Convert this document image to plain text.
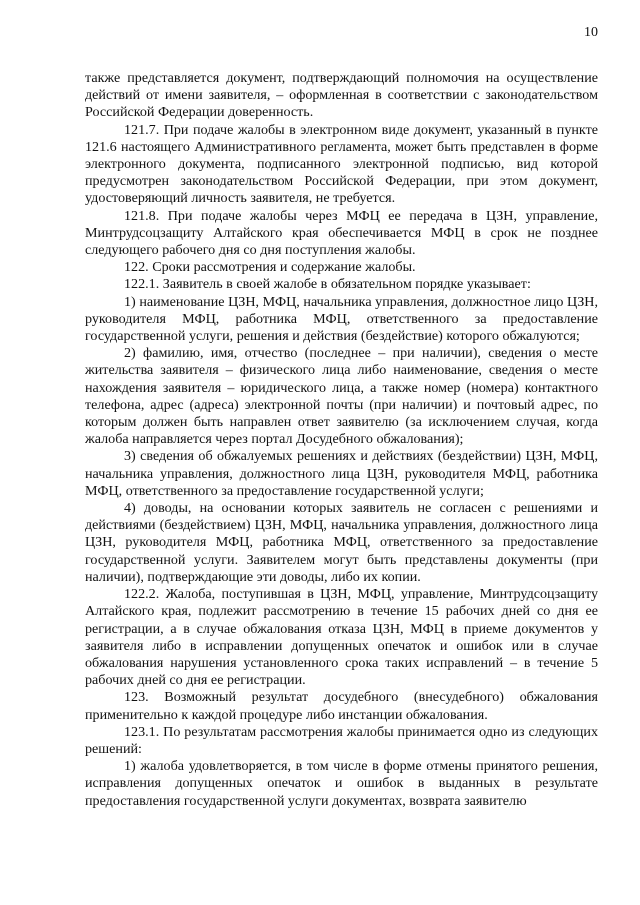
10

также представляется документ, подтверждающий полномочия на осуществление действий от имени заявителя, – оформленная в соответствии с законодательством Российской Федерации доверенность.

121.7. При подаче жалобы в электронном виде документ, указанный в пункте 121.6 настоящего Административного регламента, может быть представлен в форме электронного документа, подписанного электронной подписью, вид которой предусмотрен законодательством Российской Федерации, при этом документ, удостоверяющий личность заявителя, не требуется.

121.8. При подаче жалобы через МФЦ ее передача в ЦЗН, управление, Минтрудсоцзащиту Алтайского края обеспечивается МФЦ в срок не позднее следующего рабочего дня со дня поступления жалобы.

122. Сроки рассмотрения и содержание жалобы.

122.1. Заявитель в своей жалобе в обязательном порядке указывает:

1) наименование ЦЗН, МФЦ, начальника управления, должностное лицо ЦЗН, руководителя МФЦ, работника МФЦ, ответственного за предоставление государственной услуги, решения и действия (бездействие) которого обжалуются;

2) фамилию, имя, отчество (последнее – при наличии), сведения о месте жительства заявителя – физического лица либо наименование, сведения о месте нахождения заявителя – юридического лица, а также номер (номера) контактного телефона, адрес (адреса) электронной почты (при наличии) и почтовый адрес, по которым должен быть направлен ответ заявителю (за исключением случая, когда жалоба направляется через портал Досудебного обжалования);

3) сведения об обжалуемых решениях и действиях (бездействии) ЦЗН, МФЦ, начальника управления, должностного лица ЦЗН, руководителя МФЦ, работника МФЦ, ответственного за предоставление государственной услуги;

4) доводы, на основании которых заявитель не согласен с решениями и действиями (бездействием) ЦЗН, МФЦ, начальника управления, должностного лица ЦЗН, руководителя МФЦ, работника МФЦ, ответственного за предоставление государственной услуги. Заявителем могут быть представлены документы (при наличии), подтверждающие эти доводы, либо их копии.

122.2. Жалоба, поступившая в ЦЗН, МФЦ, управление, Минтрудсоцзащиту Алтайского края, подлежит рассмотрению в течение 15 рабочих дней со дня ее регистрации, а в случае обжалования отказа ЦЗН, МФЦ в приеме документов у заявителя либо в исправлении допущенных опечаток и ошибок или в случае обжалования нарушения установленного срока таких исправлений – в течение 5 рабочих дней со дня ее регистрации.

123. Возможный результат досудебного (внесудебного) обжалования применительно к каждой процедуре либо инстанции обжалования.

123.1. По результатам рассмотрения жалобы принимается одно из следующих решений:

1) жалоба удовлетворяется, в том числе в форме отмены принятого решения, исправления допущенных опечаток и ошибок в выданных в результате предоставления государственной услуги документах, возврата заявителю
